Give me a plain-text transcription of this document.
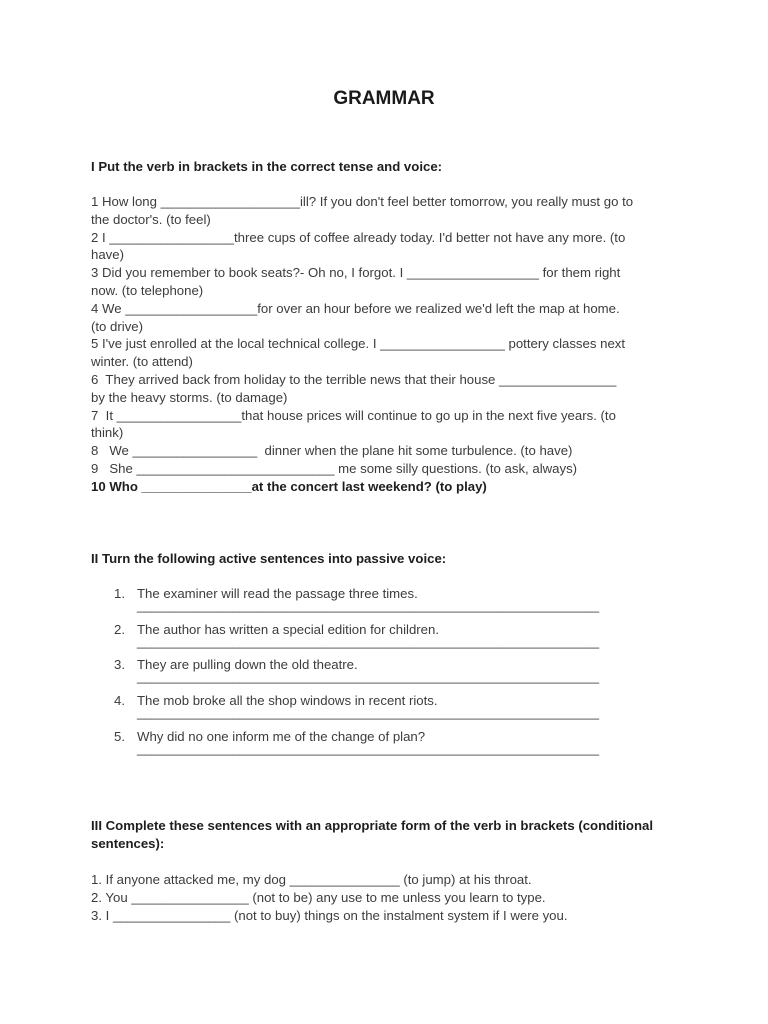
GRAMMAR

I Put the verb in brackets in the correct tense and voice:

1 How long ___________________ill? If you don't feel better tomorrow, you really must go to
the doctor's. (to feel)
2 I _________________three cups of coffee already today. I'd better not have any more. (to
have)
3 Did you remember to book seats?- Oh no, I forgot. I __________________ for them right
now. (to telephone)
4 We __________________for over an hour before we realized we'd left the map at home.
(to drive)
5 I've just enrolled at the local technical college. I _________________ pottery classes next
winter. (to attend)
6  They arrived back from holiday to the terrible news that their house ________________
by the heavy storms. (to damage)
7  It _________________that house prices will continue to go up in the next five years. (to
think)
8   We _________________  dinner when the plane hit some turbulence. (to have)
9   She ___________________________ me some silly questions. (to ask, always)
10 Who _______________at the concert last weekend? (to play)

II Turn the following active sentences into passive voice:

1. The examiner will read the passage three times.
_______________________________________________________________
2. The author has written a special edition for children.
_______________________________________________________________
3. They are pulling down the old theatre.
_______________________________________________________________
4. The mob broke all the shop windows in recent riots.
_______________________________________________________________
5. Why did no one inform me of the change of plan?
_______________________________________________________________

III Complete these sentences with an appropriate form of the verb in brackets (conditional sentences):

1. If anyone attacked me, my dog _______________ (to jump) at his throat.
2. You ________________ (not to be) any use to me unless you learn to type.
3. I ________________ (not to buy) things on the instalment system if I were you.
